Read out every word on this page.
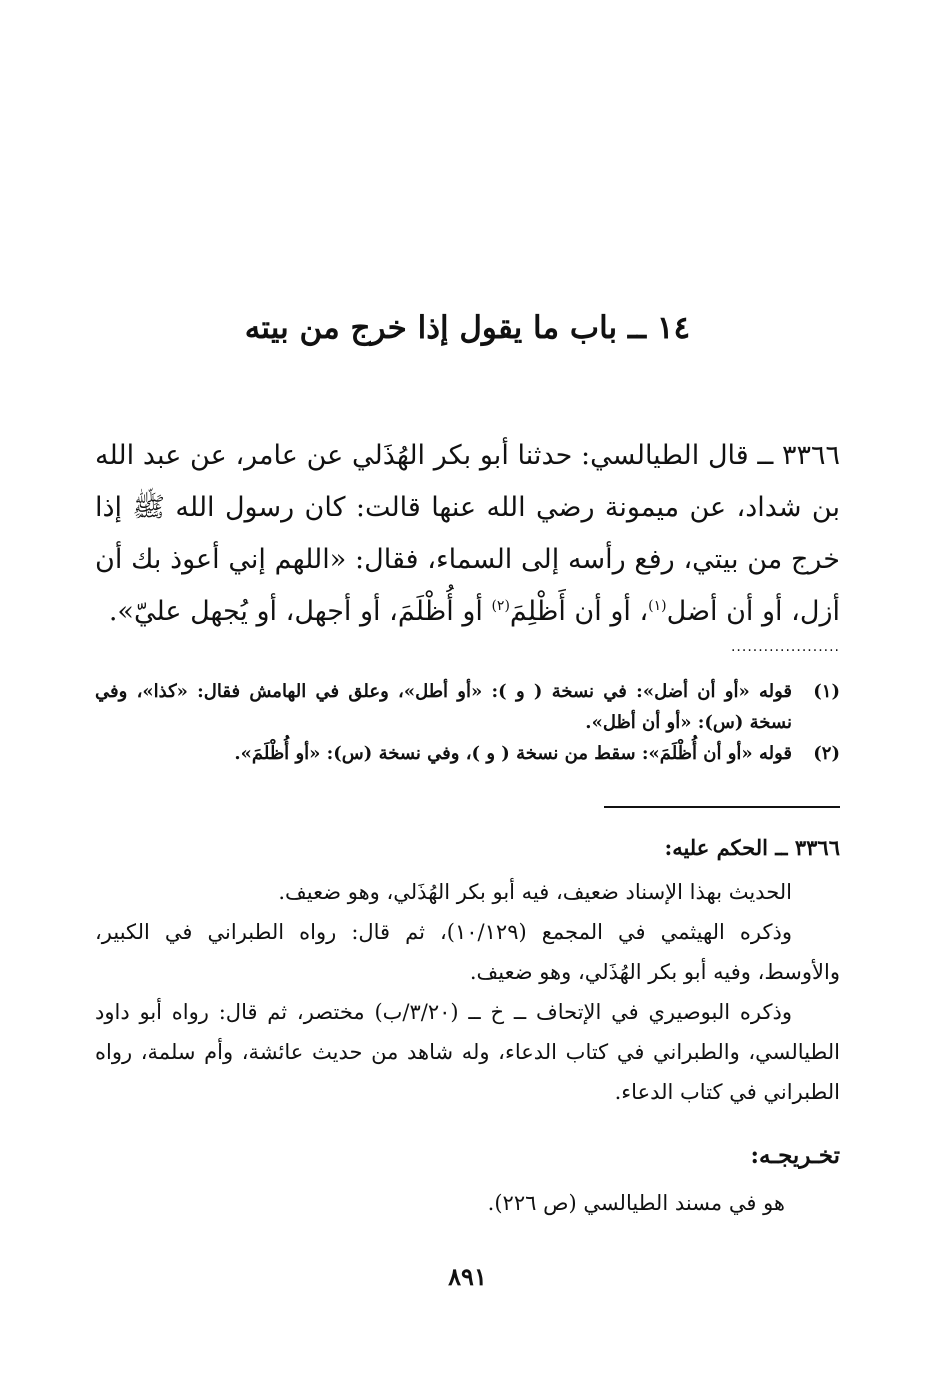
١٤ ــ باب ما يقول إذا خرج من بيته

٣٣٦٦ ــ قال الطيالسي: حدثنا أبو بكر الهُذَلي عن عامر، عن عبد الله بن شداد، عن ميمونة رضي الله عنها قالت: كان رسول الله ﷺ إذا خرج من بيتي، رفع رأسه إلى السماء، فقال: «اللهم إني أعوذ بك أن أزل، أو أن أضل$^{(١)}$، أو أن أَظْلِمَ$^{(٢)}$ أو أُظْلَمَ، أو أجهل، أو يُجهل عليّ».

....................

(١)
قوله «أو أن أضل»: في نسخة ( و ): «أو أطل»، وعلق في الهامش فقال: «كذا»، وفي نسخة (س): «أو أن أظل».

(٢)
قوله «أو أن أُظْلَمَ»: سقط من نسخة ( و )، وفي نسخة (س): «أو أُظْلَمَ».

٣٣٦٦ ــ الحكم عليه:

الحديث بهذا الإسناد ضعيف، فيه أبو بكر الهُذَلي، وهو ضعيف.

وذكره الهيثمي في المجمع (١٠/١٢٩)، ثم قال: رواه الطبراني في الكبير، والأوسط، وفيه أبو بكر الهُذَلي، وهو ضعيف.

وذكره البوصيري في الإتحاف ــ خ ــ (٣/٢٠/ب) مختصر، ثم قال: رواه أبو داود الطيالسي، والطبراني في كتاب الدعاء، وله شاهد من حديث عائشة، وأم سلمة، رواه الطبراني في كتاب الدعاء.

تخـريجـه:

هو في مسند الطيالسي (ص ٢٢٦).

٨٩١
